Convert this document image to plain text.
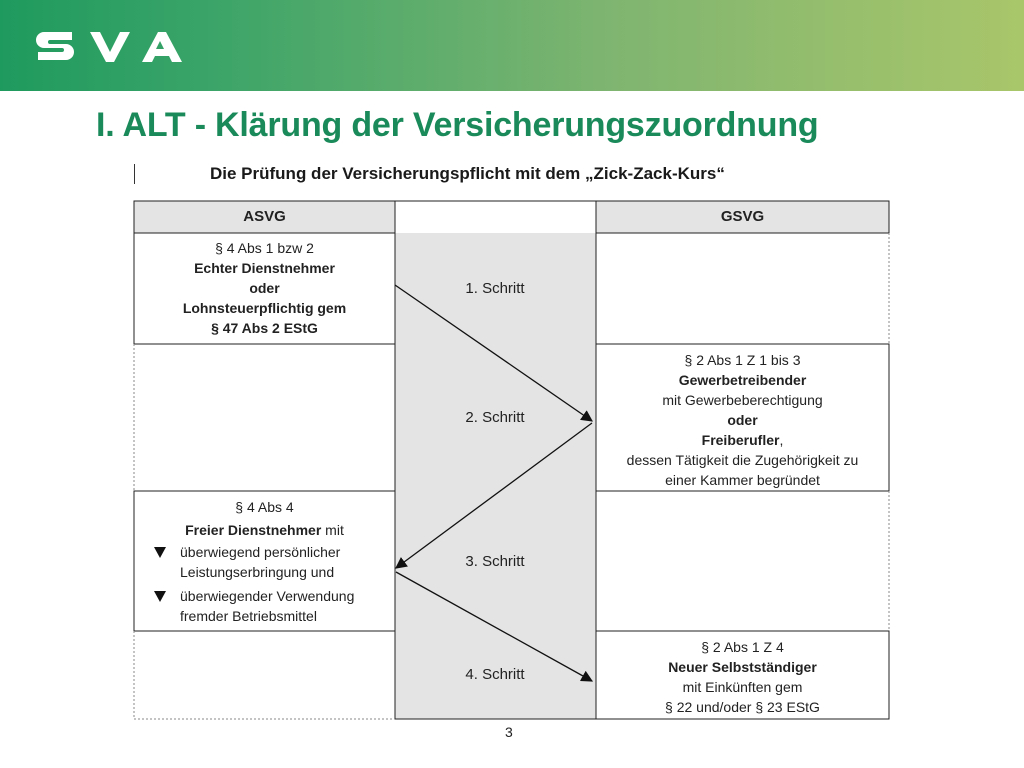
I. ALT - Klärung der Versicherungszuordnung
Die Prüfung der Versicherungspflicht mit dem „Zick-Zack-Kurs“
ASVG	GSVG
§ 4 Abs 1 bzw 2
Echter Dienstnehmer
oder
Lohnsteuerpflichtig gem
§ 47 Abs 2 EStG
§ 2 Abs 1 Z 1 bis 3
Gewerbetreibender
mit Gewerbeberechtigung
oder
Freiberufler,
dessen Tätigkeit die Zugehörigkeit zu
einer Kammer begründet
§ 4 Abs 4
Freier Dienstnehmer mit
überwiegend persönlicher
Leistungserbringung und
überwiegender Verwendung
fremder Betriebsmittel
§ 2 Abs 1 Z 4
Neuer Selbstständiger
mit Einkünften gem
§ 22 und/oder § 23 EStG
1. Schritt
2. Schritt
3. Schritt
4. Schritt
3
